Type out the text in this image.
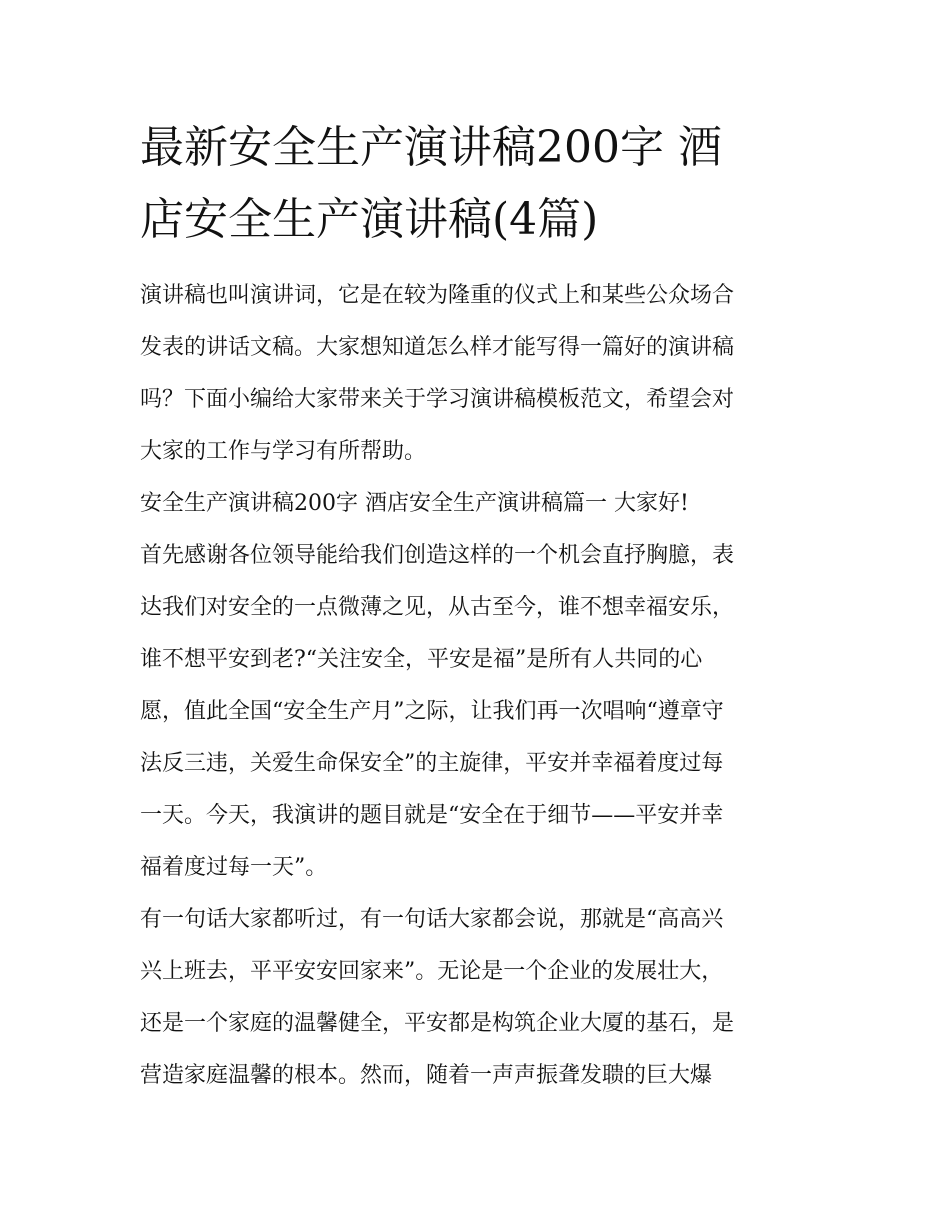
最新安全生产演讲稿200字 酒
店安全生产演讲稿(4篇)
演讲稿也叫演讲词，它是在较为隆重的仪式上和某些公众场合
发表的讲话文稿。大家想知道怎么样才能写得一篇好的演讲稿
吗？下面小编给大家带来关于学习演讲稿模板范文，希望会对
大家的工作与学习有所帮助。
安全生产演讲稿200字 酒店安全生产演讲稿篇一 大家好!
首先感谢各位领导能给我们创造这样的一个机会直抒胸臆，表
达我们对安全的一点微薄之见，从古至今，谁不想幸福安乐，
谁不想平安到老?“关注安全，平安是福”是所有人共同的心
愿，值此全国“安全生产月”之际，让我们再一次唱响“遵章守
法反三违，关爱生命保安全”的主旋律，平安并幸福着度过每
一天。今天，我演讲的题目就是“安全在于细节——平安并幸
福着度过每一天”。
有一句话大家都听过，有一句话大家都会说，那就是“高高兴
兴上班去，平平安安回家来”。无论是一个企业的发展壮大，
还是一个家庭的温馨健全，平安都是构筑企业大厦的基石，是
营造家庭温馨的根本。然而，随着一声声振聋发聩的巨大爆
